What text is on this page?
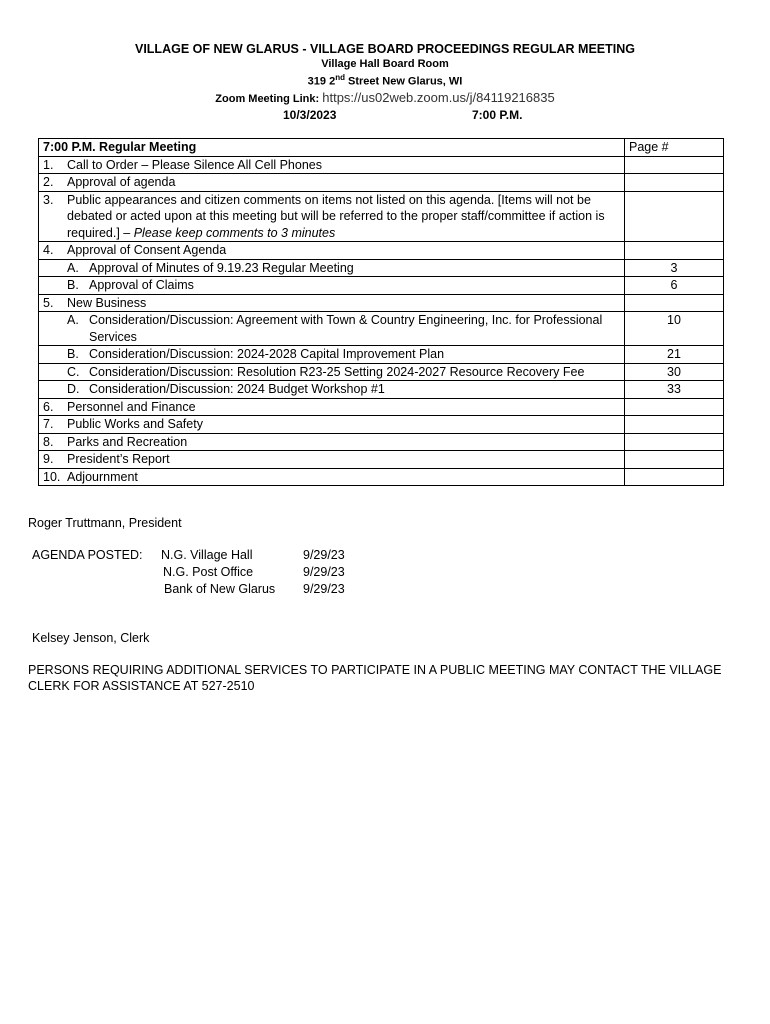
VILLAGE OF NEW GLARUS - VILLAGE BOARD PROCEEDINGS REGULAR MEETING
Village Hall Board Room
319 2nd Street New Glarus, WI
Zoom Meeting Link: https://us02web.zoom.us/j/84119216835
10/3/2023	7:00 P.M.
7:00 P.M. Regular Meeting	Page #
1. Call to Order – Please Silence All Cell Phones	
2. Approval of agenda	

3. Public appearances and citizen comments on items not listed on this agenda. [Items will not be debated or acted upon at this meeting but will be referred to the proper staff/committee if action is required.] – Please keep comments to 3 minutes	

4. Approval of Consent Agenda	

A. Approval of Minutes of 9.19.23 Regular Meeting	3

B. Approval of Claims	6
5. New Business	

A. Consideration/Discussion: Agreement with Town & Country Engineering, Inc. for Professional Services	10

B. Consideration/Discussion: 2024-2028 Capital Improvement Plan	21

C. Consideration/Discussion: Resolution R23-25 Setting 2024-2027 Resource Recovery Fee	30

D. Consideration/Discussion: 2024 Budget Workshop #1	33
6. Personnel and Finance	
7. Public Works and Safety	
8. Parks and Recreation	
9. President’s Report	
10. Adjournment	
Roger Truttmann, President
AGENDA POSTED: N.G. Village Hall	9/29/23
N.G. Post Office	9/29/23
Bank of New Glarus 9/29/23
Kelsey Jenson, Clerk
PERSONS REQUIRING ADDITIONAL SERVICES TO PARTICIPATE IN A PUBLIC MEETING MAY CONTACT THE VILLAGE CLERK FOR ASSISTANCE AT 527-2510
